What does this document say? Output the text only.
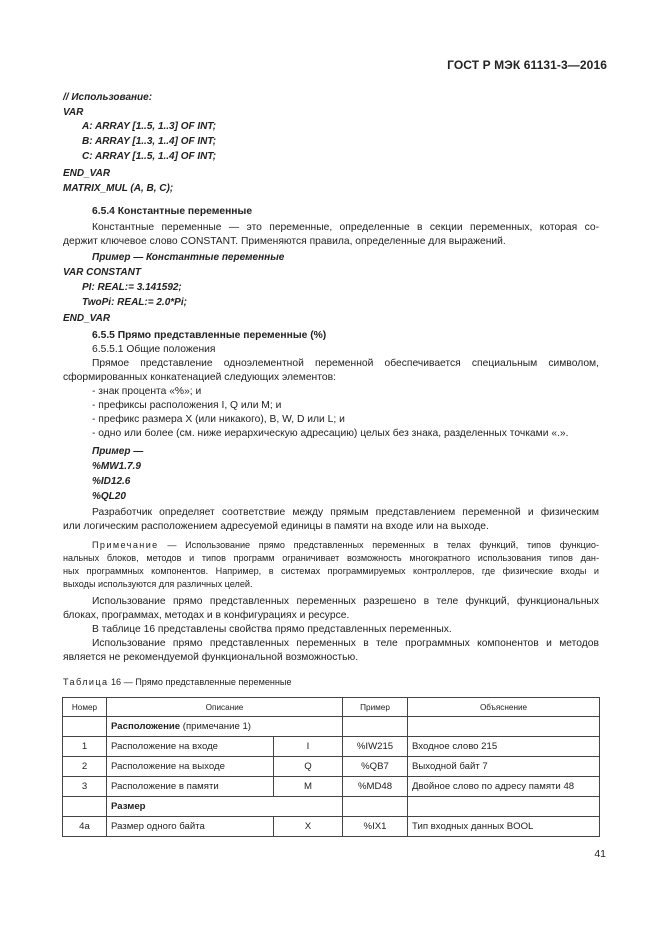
ГОСТ Р МЭК 61131-3—2016
// Использование:
VAR
A: ARRAY [1..5, 1..3] OF INT;
B: ARRAY [1..3, 1..4] OF INT;
C: ARRAY [1..5, 1..4] OF INT;
END_VAR
MATRIX_MUL (A, B, C);
6.5.4 Константные переменные
Константные переменные — это переменные, определенные в секции переменных, которая со-
держит ключевое слово CONSTANT. Применяются правила, определенные для выражений.
Пример — Константные переменные
VAR CONSTANT
PI: REAL:= 3.141592;
TwoPi: REAL:= 2.0*Pi;
END_VAR
6.5.5 Прямо представленные переменные (%)
6.5.5.1 Общие положения
Прямое представление одноэлементной переменной обеспечивается специальным символом,
сформированных конкатенацией следующих элементов:
- знак процента «%»; и
- префиксы расположения I, Q или M; и
- префикс размера X (или никакого), B, W, D или L; и
- одно или более (см. ниже иерархическую адресацию) целых без знака, разделенных точками «.».
Пример —
%MW1.7.9
%ID12.6
%QL20
Разработчик определяет соответствие между прямым представлением переменной и физическим
или логическим расположением адресуемой единицы в памяти на входе или на выходе.
Примечание — Использование прямо представленных переменных в телах функций, типов функцио-
нальных блоков, методов и типов программ ограничивает возможность многократного использования типов дан-
ных программных компонентов. Например, в системах программируемых контроллеров, где физические входы и
выходы используются для различных целей.
Использование прямо представленных переменных разрешено в теле функций, функциональных
блоках, программах, методах и в конфигурациях и ресурсе.
В таблице 16 представлены свойства прямо представленных переменных.
Использование прямо представленных переменных в теле программных компонентов и методов
является не рекомендуемой функциональной возможностью.
Таблица 16 — Прямо представленные переменные
Номер	Описание		Пример	Объяснение
	Расположение (примечание 1)			
1	Расположение на входе	I	%IW215	Входное слово 215
2	Расположение на выходе	Q	%QB7	Выходной байт 7
3	Расположение в памяти	M	%MD48	Двойное слово по адресу памяти 48
	Размер			
4a	Размер одного байта	X	%IX1	Тип входных данных BOOL
41
